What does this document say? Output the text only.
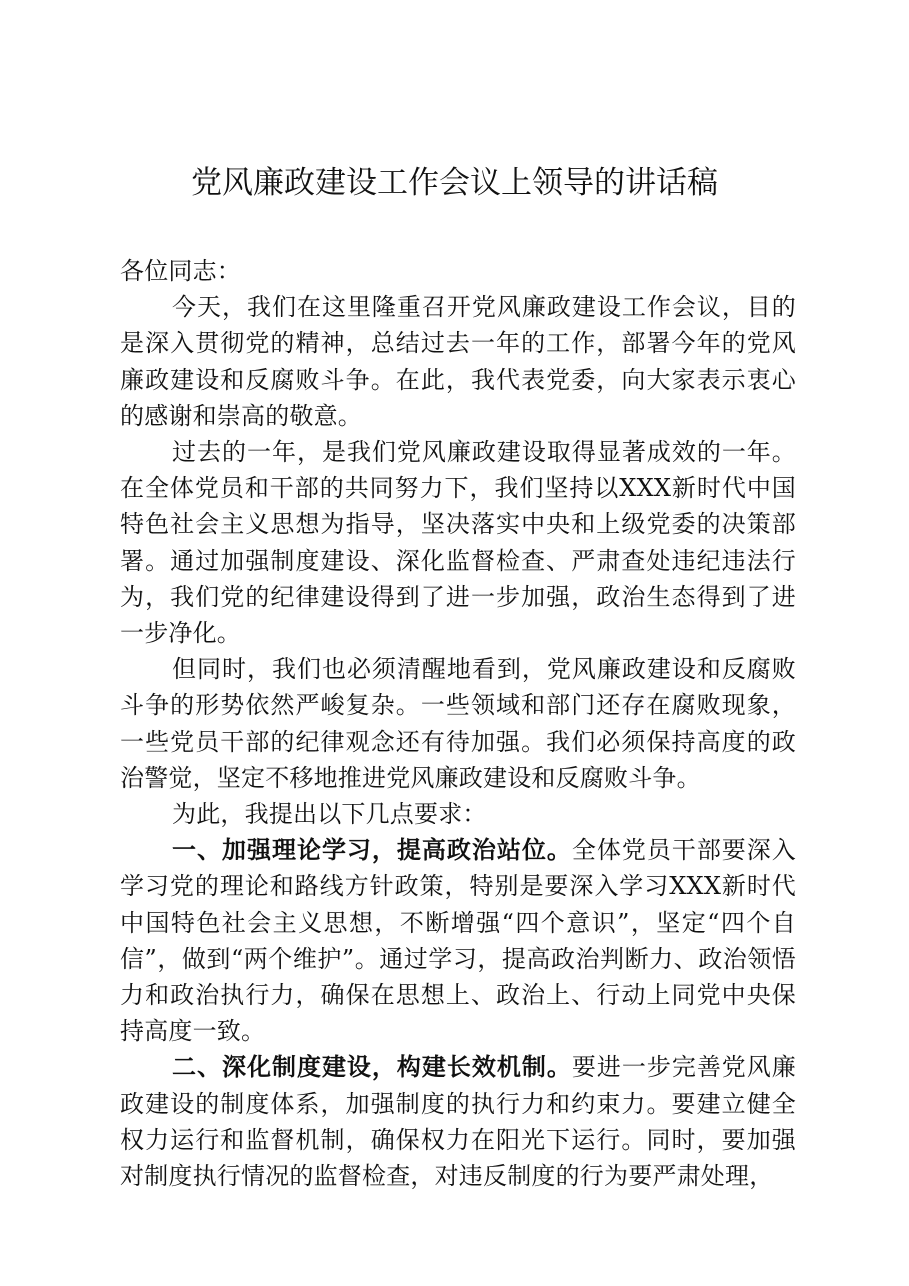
党风廉政建设工作会议上领导的讲话稿

各位同志：

今天，我们在这里隆重召开党风廉政建设工作会议，目的是深入贯彻党的精神，总结过去一年的工作，部署今年的党风廉政建设和反腐败斗争。在此，我代表党委，向大家表示衷心的感谢和崇高的敬意。

过去的一年，是我们党风廉政建设取得显著成效的一年。在全体党员和干部的共同努力下，我们坚持以XXX新时代中国特色社会主义思想为指导，坚决落实中央和上级党委的决策部署。通过加强制度建设、深化监督检查、严肃查处违纪违法行为，我们党的纪律建设得到了进一步加强，政治生态得到了进一步净化。

但同时，我们也必须清醒地看到，党风廉政建设和反腐败斗争的形势依然严峻复杂。一些领域和部门还存在腐败现象，一些党员干部的纪律观念还有待加强。我们必须保持高度的政治警觉，坚定不移地推进党风廉政建设和反腐败斗争。

为此，我提出以下几点要求：

一、加强理论学习，提高政治站位。全体党员干部要深入学习党的理论和路线方针政策，特别是要深入学习XXX新时代中国特色社会主义思想，不断增强“四个意识”，坚定“四个自信”，做到“两个维护”。通过学习，提高政治判断力、政治领悟力和政治执行力，确保在思想上、政治上、行动上同党中央保持高度一致。

二、深化制度建设，构建长效机制。要进一步完善党风廉政建设的制度体系，加强制度的执行力和约束力。要建立健全权力运行和监督机制，确保权力在阳光下运行。同时，要加强对制度执行情况的监督检查，对违反制度的行为要严肃处理，
